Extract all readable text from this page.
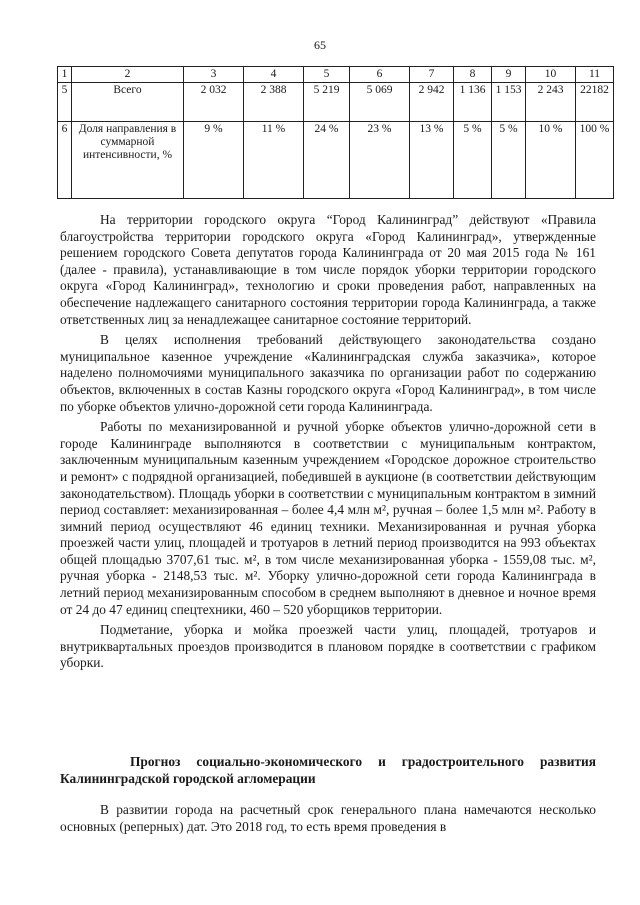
65
1	2	3	4	5	6	7	8	9	10	11
5	Всего	2 032	2 388	5 219	5 069	2 942	1 136	1 153	2 243	22182
6	Доля направления в суммарной интенсивности, %	9 %	11 %	24 %	23 %	13 %	5 %	5 %	10 %	100 %

На территории городского округа “Город Калининград” действуют «Правила благоустройства территории городского округа «Город Калининград», утвержденные решением городского Совета депутатов города Калининграда от 20 мая 2015 года № 161 (далее - правила), устанавливающие в том числе порядок уборки территории городского округа «Город Калининград», технологию и сроки проведения работ, направленных на обеспечение надлежащего санитарного состояния территории города Калининграда, а также ответственных лиц за ненадлежащее санитарное состояние территорий.

В целях исполнения требований действующего законодательства создано муниципальное казенное учреждение «Калининградская служба заказчика», которое наделено полномочиями муниципального заказчика по организации работ по содержанию объектов, включенных в состав Казны городского округа «Город Калининград», в том числе по уборке объектов улично-дорожной сети города Калининграда.

Работы по механизированной и ручной уборке объектов улично-дорожной сети в городе Калининграде выполняются в соответствии с муниципальным контрактом, заключенным муниципальным казенным учреждением «Городское дорожное строительство и ремонт» с подрядной организацией, победившей в аукционе (в соответствии действующим законодательством). Площадь уборки в соответствии с муниципальным контрактом в зимний период составляет: механизированная – более 4,4 млн м², ручная – более 1,5 млн м². Работу в зимний период осуществляют 46 единиц техники. Механизированная и ручная уборка проезжей части улиц, площадей и тротуаров в летний период производится на 993 объектах общей площадью 3707,61 тыс. м², в том числе механизированная уборка - 1559,08 тыс. м², ручная уборка - 2148,53 тыс. м². Уборку улично-дорожной сети города Калининграда в летний период механизированным способом в среднем выполняют в дневное и ночное время от 24 до 47 единиц спецтехники, 460 – 520 уборщиков территории.

Подметание, уборка и мойка проезжей части улиц, площадей, тротуаров и внутриквартальных проездов производится в плановом порядке в соответствии с графиком уборки.

Прогноз социально-экономического и градостроительного развития Калининградской городской агломерации

В развитии города на расчетный срок генерального плана намечаются несколько основных (реперных) дат. Это 2018 год, то есть время проведения в
